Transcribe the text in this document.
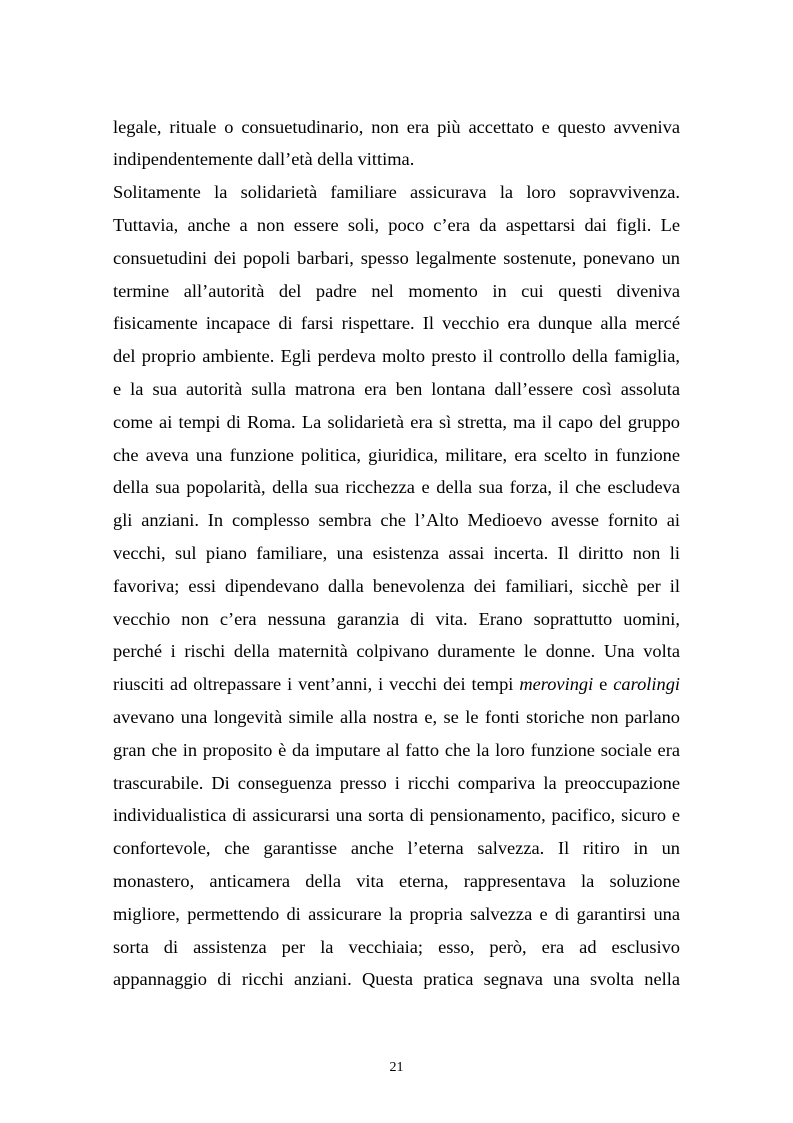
legale, rituale o consuetudinario, non era più accettato e questo avveniva
indipendentemente dall’età della vittima.
Solitamente la solidarietà familiare assicurava la loro sopravvivenza.
Tuttavia, anche a non essere soli, poco c’era da aspettarsi dai figli. Le
consuetudini dei popoli barbari, spesso legalmente sostenute, ponevano un
termine all’autorità del padre nel momento in cui questi diveniva
fisicamente incapace di farsi rispettare. Il vecchio era dunque alla mercé
del proprio ambiente. Egli perdeva molto presto il controllo della famiglia,
e la sua autorità sulla matrona era ben lontana dall’essere così assoluta
come ai tempi di Roma. La solidarietà era sì stretta, ma il capo del gruppo
che aveva una funzione politica, giuridica, militare, era scelto in funzione
della sua popolarità, della sua ricchezza e della sua forza, il che escludeva
gli anziani. In complesso sembra che l’Alto Medioevo avesse fornito ai
vecchi, sul piano familiare, una esistenza assai incerta. Il diritto non li
favoriva; essi dipendevano dalla benevolenza dei familiari, sicchè per il
vecchio non c’era nessuna garanzia di vita. Erano soprattutto uomini,
perché i rischi della maternità colpivano duramente le donne. Una volta
riusciti ad oltrepassare i vent’anni, i vecchi dei tempi merovingi e carolingi
avevano una longevità simile alla nostra e, se le fonti storiche non parlano
gran che in proposito è da imputare al fatto che la loro funzione sociale era
trascurabile. Di conseguenza presso i ricchi compariva la preoccupazione
individualistica di assicurarsi una sorta di pensionamento, pacifico, sicuro e
confortevole, che garantisse anche l’eterna salvezza. Il ritiro in un
monastero, anticamera della vita eterna, rappresentava la soluzione
migliore, permettendo di assicurare la propria salvezza e di garantirsi una
sorta di assistenza per la vecchiaia; esso, però, era ad esclusivo
appannaggio di ricchi anziani. Questa pratica segnava una svolta nella
21
